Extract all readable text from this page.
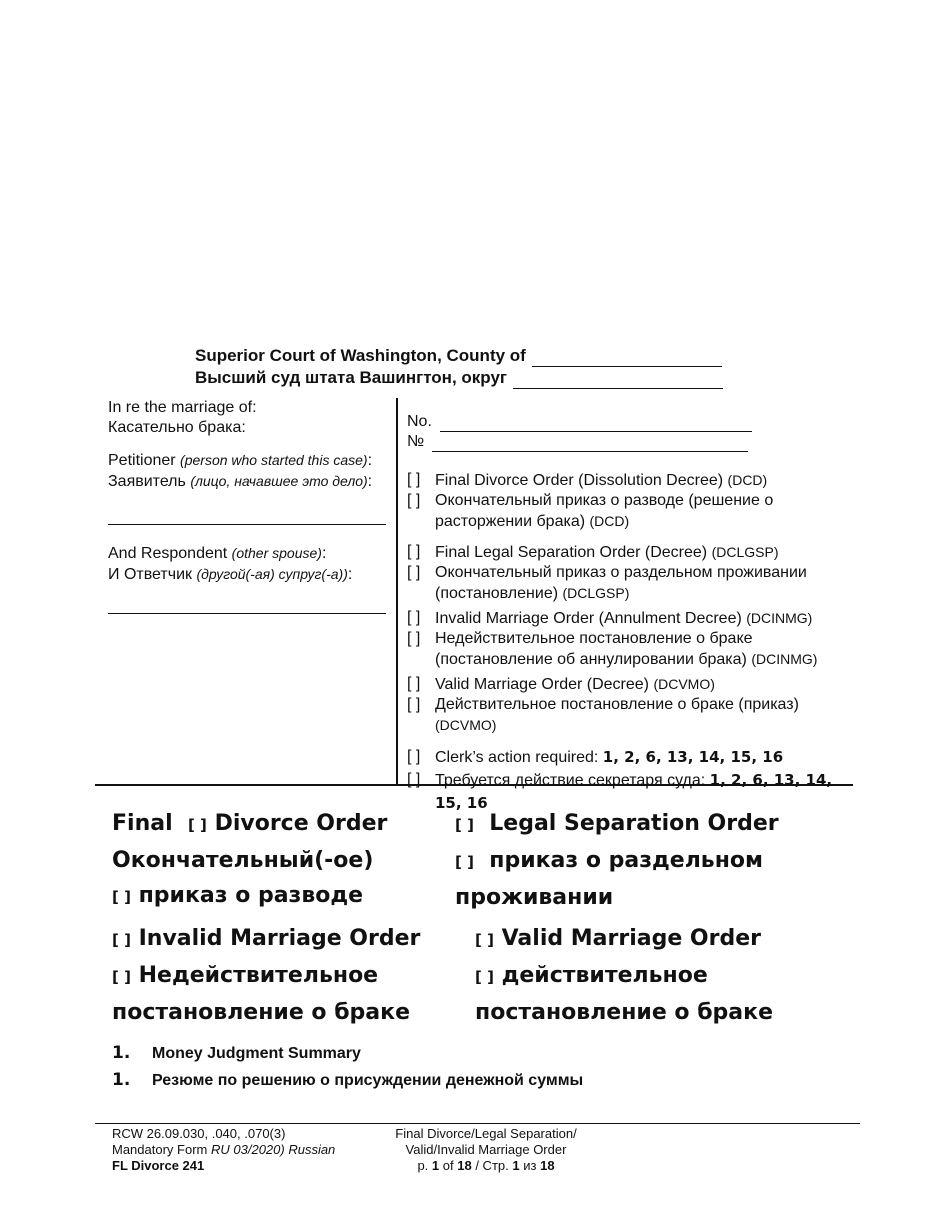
Superior Court of Washington, County of
Высший суд штата Вашингтон, округ

In re the marriage of:

Касательно брака:

Petitioner (person who started this case):

Заявитель (лицо, начавшее это дело):

And Respondent (other spouse):

И Ответчик (другой(-ая) супруг(-а)):

No.
№
[ ] Final Divorce Order (Dissolution Decree) (DCD)
[ ] Окончательный приказ о разводе (решение о расторжении брака) (DCD)
[ ] Final Legal Separation Order (Decree) (DCLGSP)
[ ] Окончательный приказ о раздельном проживании (постановление) (DCLGSP)
[ ] Invalid Marriage Order (Annulment Decree) (DCINMG)
[ ] Недействительное постановление о браке (постановление об аннулировании брака) (DCINMG)
[ ] Valid Marriage Order (Decree) (DCVMO)
[ ] Действительное постановление о браке (приказ) (DCVMO)
[ ] Clerk’s action required: 1, 2, 6, 13, 14, 15, 16
[ ] Требуется действие секретаря суда: 1, 2, 6, 13, 14, 15, 16
Final [ ] Divorce Order
Окончательный(-ое)
[ ] приказ о разводе
[ ] Legal Separation Order
[ ] приказ о раздельном
проживании
[ ] Invalid Marriage Order
[ ] Недействительное
постановление о браке
[ ] Valid Marriage Order
[ ] действительное
постановление о браке
1. Money Judgment Summary
1. Резюме по решению о присуждении денежной суммы
RCW 26.09.030, .040, .070(3)
Mandatory Form RU 03/2020) Russian
FL Divorce 241
Final Divorce/Legal Separation/
Valid/Invalid Marriage Order
p. 1 of 18 / Стр. 1 из 18
